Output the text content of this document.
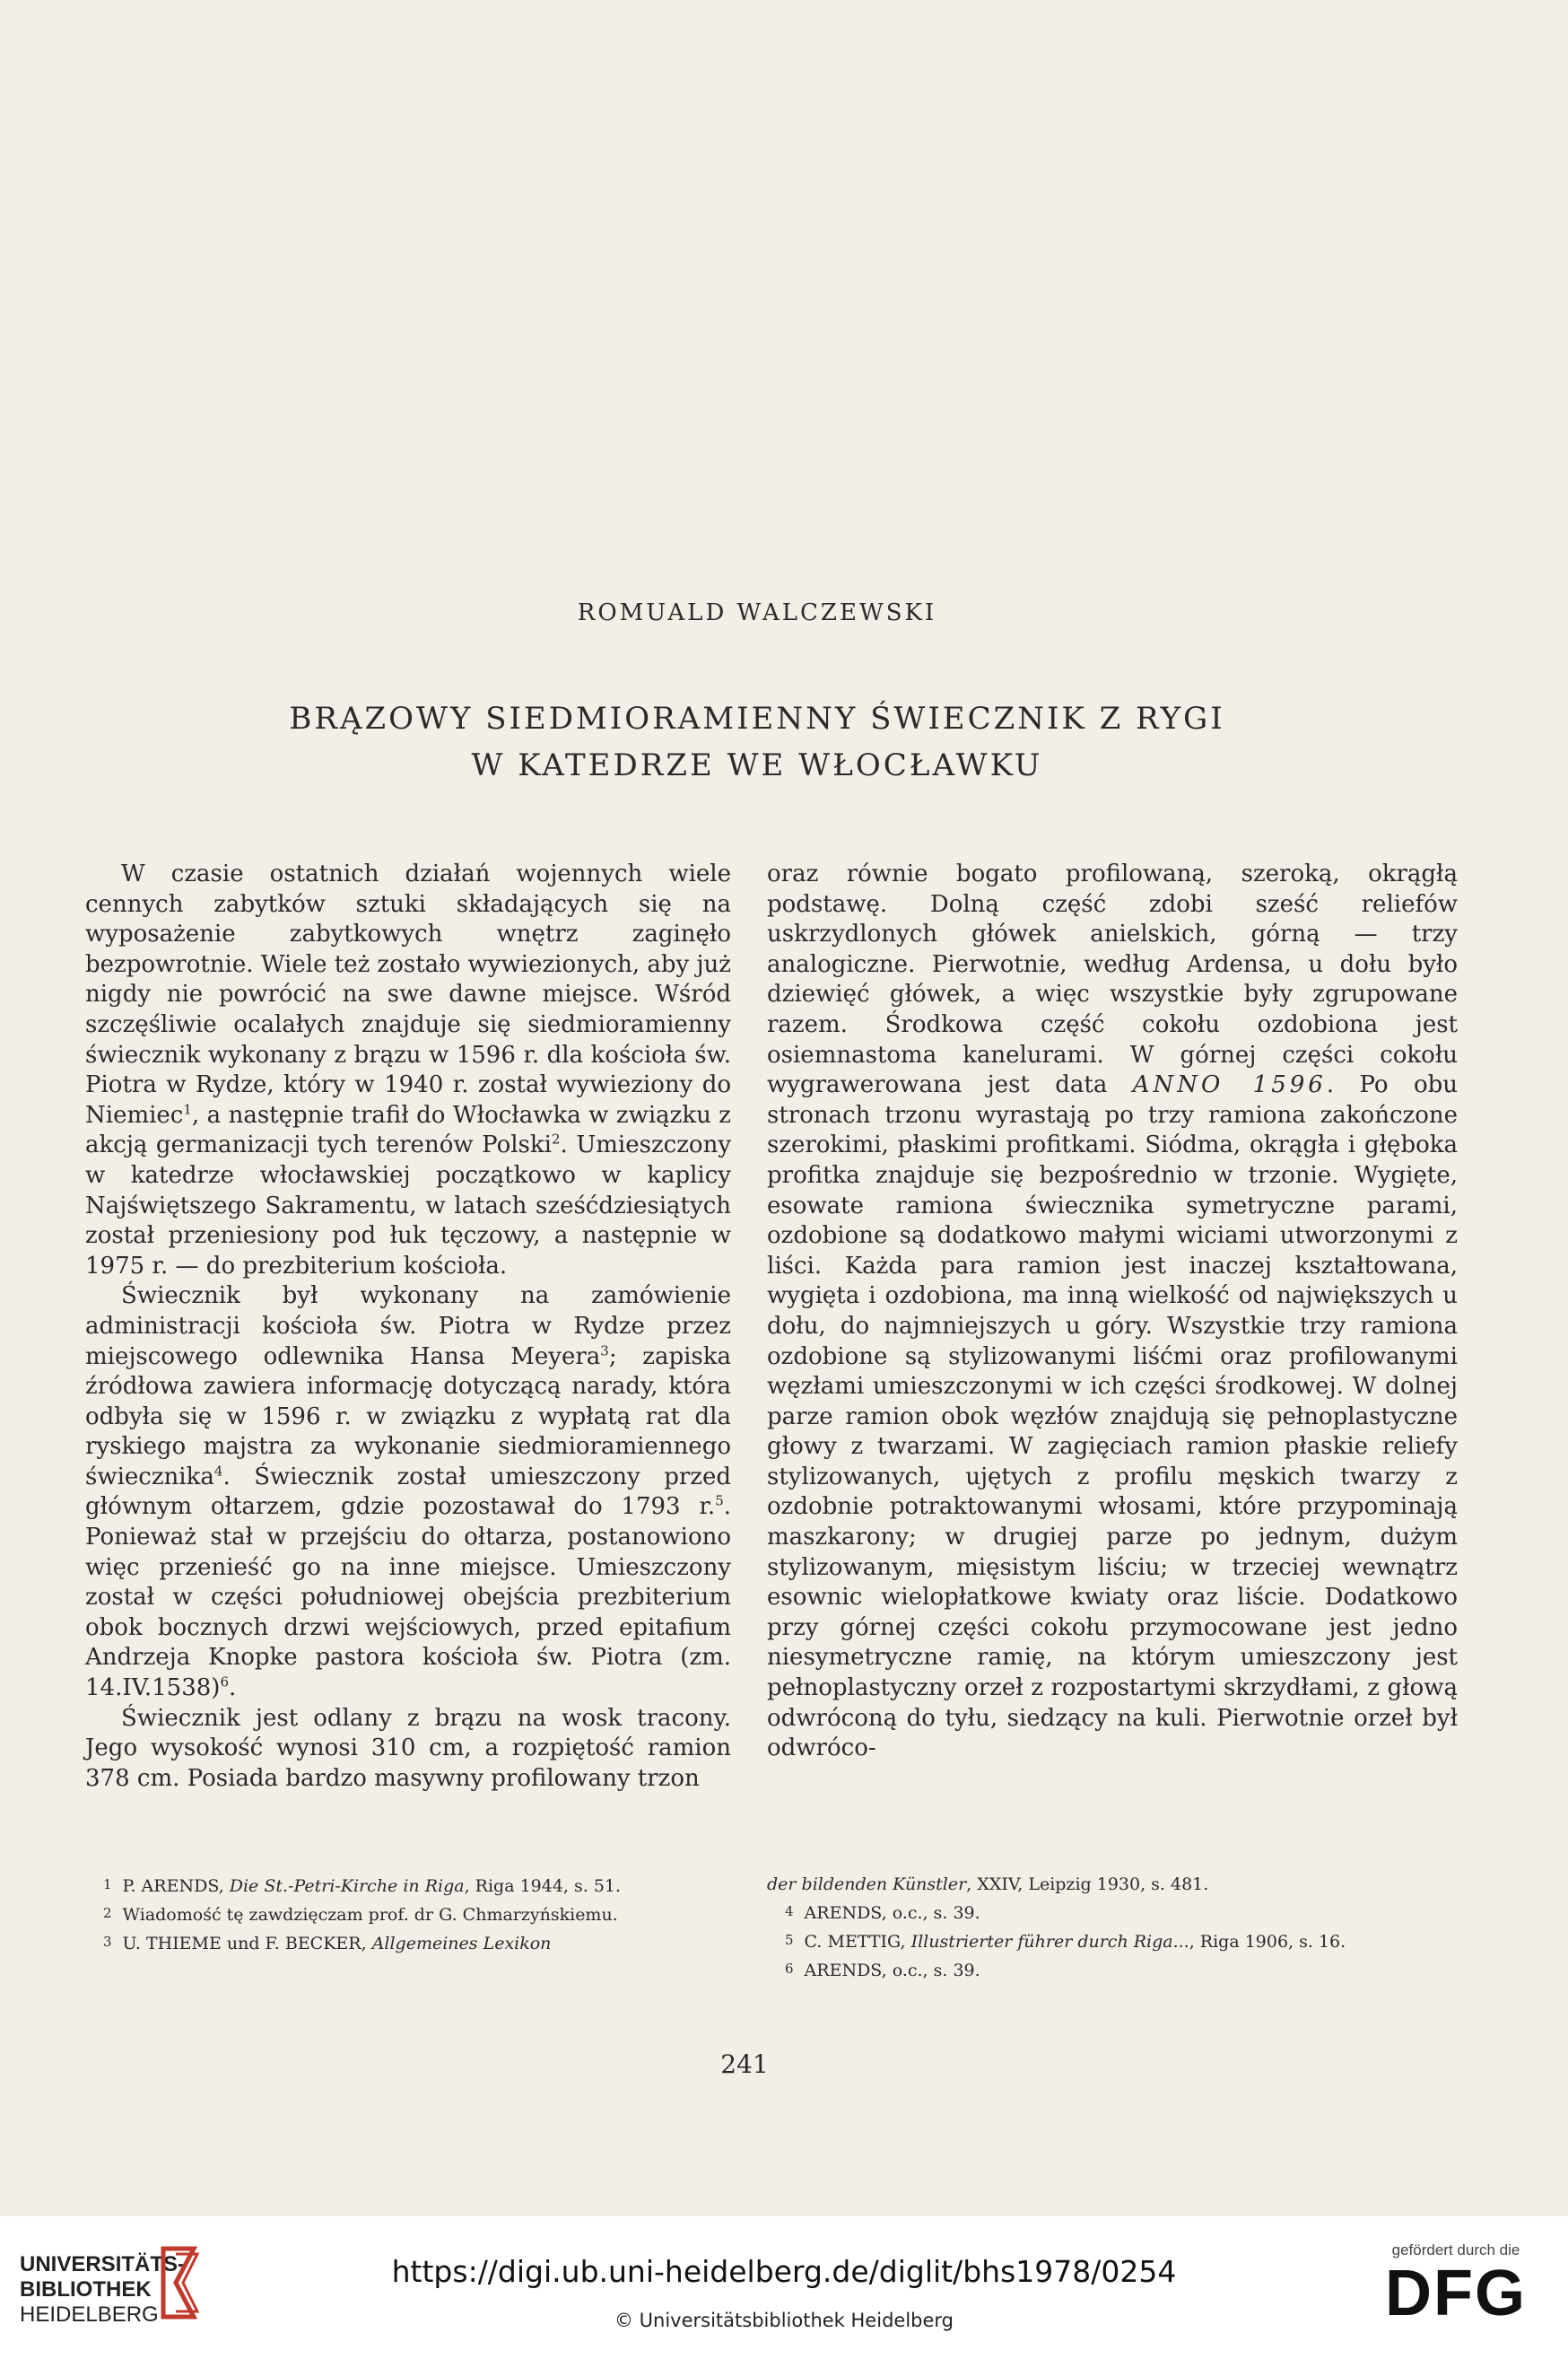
ROMUALD WALCZEWSKI
BRĄZOWY SIEDMIORAMIENNY ŚWIECZNIK Z RYGI
W KATEDRZE WE WŁOCŁAWKU

W czasie ostatnich działań wojennych wiele cennych zabytków sztuki składających się na wyposażenie zabytkowych wnętrz zaginęło bezpowrotnie. Wiele też zostało wywiezionych, aby już nigdy nie powrócić na swe dawne miejsce. Wśród szczęśliwie ocalałych znajduje się siedmioramienny świecznik wykonany z brązu w 1596 r. dla kościoła św. Piotra w Rydze, który w 1940 r. został wywieziony do Niemiec$^1$, a następnie trafił do Włocławka w związku z akcją germanizacji tych terenów Polski$^2$. Umieszczony w katedrze włocławskiej początkowo w kaplicy Najświętszego Sakramentu, w latach sześćdziesiątych został przeniesiony pod łuk tęczowy, a następnie w 1975 r. — do prezbiterium kościoła.

Świecznik był wykonany na zamówienie administracji kościoła św. Piotra w Rydze przez miejscowego odlewnika Hansa Meyera$^3$; zapiska źródłowa zawiera informację dotyczącą narady, która odbyła się w 1596 r. w związku z wypłatą rat dla ryskiego majstra za wykonanie siedmioramiennego świecznika$^4$. Świecznik został umieszczony przed głównym ołtarzem, gdzie pozostawał do 1793 r.$^5$. Ponieważ stał w przejściu do ołtarza, postanowiono więc przenieść go na inne miejsce. Umieszczony został w części południowej obejścia prezbiterium obok bocznych drzwi wejściowych, przed epitafium Andrzeja Knopke pastora kościoła św. Piotra (zm. 14.IV.1538)$^6$.

Świecznik jest odlany z brązu na wosk tracony. Jego wysokość wynosi 310 cm, a rozpiętość ramion 378 cm. Posiada bardzo masywny profilowany trzon

oraz równie bogato profilowaną, szeroką, okrągłą podstawę. Dolną część zdobi sześć reliefów uskrzydlonych główek anielskich, górną — trzy analogiczne. Pierwotnie, według Ardensa, u dołu było dziewięć główek, a więc wszystkie były zgrupowane razem. Środkowa część cokołu ozdobiona jest osiemnastoma kanelurami. W górnej części cokołu wygrawerowana jest data ANNO 1596. Po obu stronach trzonu wyrastają po trzy ramiona zakończone szerokimi, płaskimi profitkami. Siódma, okrągła i głęboka profitka znajduje się bezpośrednio w trzonie. Wygięte, esowate ramiona świecznika symetryczne parami, ozdobione są dodatkowo małymi wiciami utworzonymi z liści. Każda para ramion jest inaczej kształtowana, wygięta i ozdobiona, ma inną wielkość od największych u dołu, do najmniejszych u góry. Wszystkie trzy ramiona ozdobione są stylizowanymi liśćmi oraz profilowanymi węzłami umieszczonymi w ich części środkowej. W dolnej parze ramion obok węzłów znajdują się pełnoplastyczne głowy z twarzami. W zagięciach ramion płaskie reliefy stylizowanych, ujętych z profilu męskich twarzy z ozdobnie potraktowanymi włosami, które przypominają maszkarony; w drugiej parze po jednym, dużym stylizowanym, mięsistym liściu; w trzeciej wewnątrz esownic wielopłatkowe kwiaty oraz liście. Dodatkowo przy górnej części cokołu przymocowane jest jedno niesymetryczne ramię, na którym umieszczony jest pełnoplastyczny orzeł z rozpostartymi skrzydłami, z głową odwróconą do tyłu, siedzący na kuli. Pierwotnie orzeł był odwróco-

1 P. ARENDS, Die St.-Petri-Kirche in Riga, Riga 1944, s. 51.

2 Wiadomość tę zawdzięczam prof. dr G. Chmarzyńskiemu.

3 U. THIEME und F. BECKER, Allgemeines Lexikon

der bildenden Künstler, XXIV, Leipzig 1930, s. 481.

4 ARENDS, o.c., s. 39.

5 C. METTIG, Illustrierter führer durch Riga..., Riga 1906, s. 16.

6 ARENDS, o.c., s. 39.

241
UNIVERSITÄTS-
BIBLIOTHEK
HEIDELBERG
https://digi.ub.uni-heidelberg.de/diglit/bhs1978/0254
© Universitätsbibliothek Heidelberg
gefördert durch die
DFG
